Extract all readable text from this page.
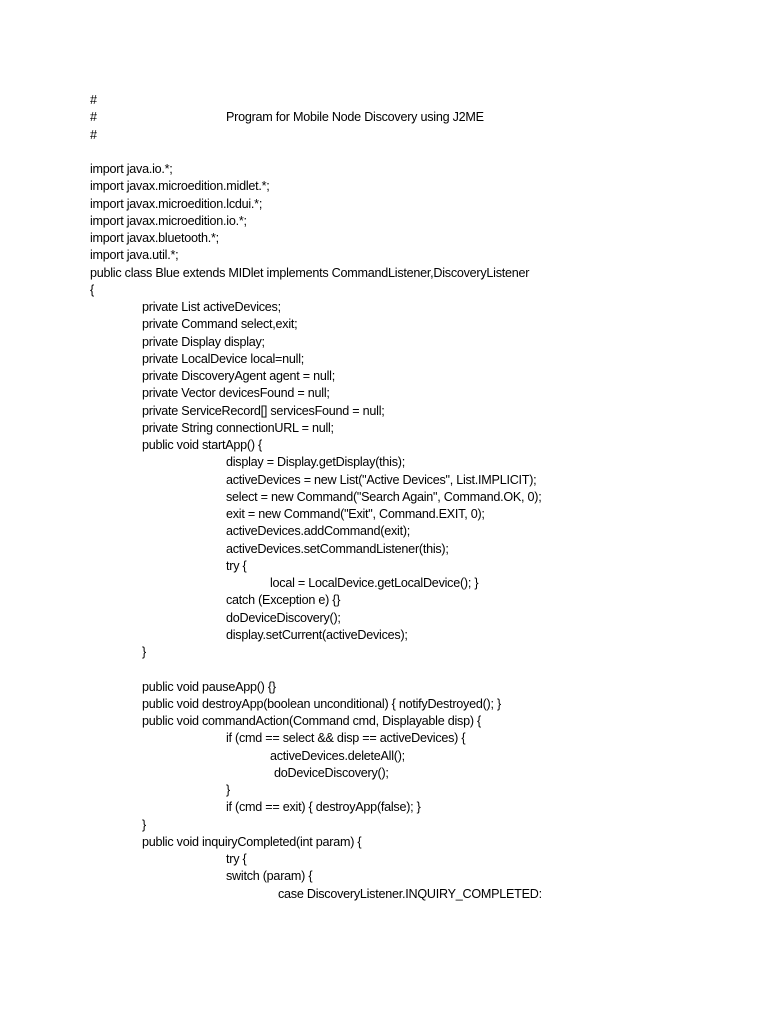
#
#	Program for Mobile Node Discovery using J2ME
#
import java.io.*;
import javax.microedition.midlet.*;
import javax.microedition.lcdui.*;
import javax.microedition.io.*;
import javax.bluetooth.*;
import java.util.*;
public class Blue extends MIDlet implements CommandListener,DiscoveryListener
{
private List activeDevices;
private Command select,exit;
private Display display;
private LocalDevice local=null;
private DiscoveryAgent agent = null;
private Vector devicesFound = null;
private ServiceRecord[] servicesFound = null;
private String connectionURL = null;
public void startApp() {
display = Display.getDisplay(this);
activeDevices = new List("Active Devices", List.IMPLICIT);
select = new Command("Search Again", Command.OK, 0);
exit = new Command("Exit", Command.EXIT, 0);
activeDevices.addCommand(exit);
activeDevices.setCommandListener(this);
try {
local = LocalDevice.getLocalDevice(); }
catch (Exception e) {}
doDeviceDiscovery();
display.setCurrent(activeDevices);
}
public void pauseApp() {}
public void destroyApp(boolean unconditional) { notifyDestroyed(); }
public void commandAction(Command cmd, Displayable disp) {
if (cmd == select && disp == activeDevices) {
activeDevices.deleteAll();
doDeviceDiscovery();
}
if (cmd == exit) { destroyApp(false); }
}
public void inquiryCompleted(int param) {
try {
switch (param) {
case DiscoveryListener.INQUIRY_COMPLETED:
